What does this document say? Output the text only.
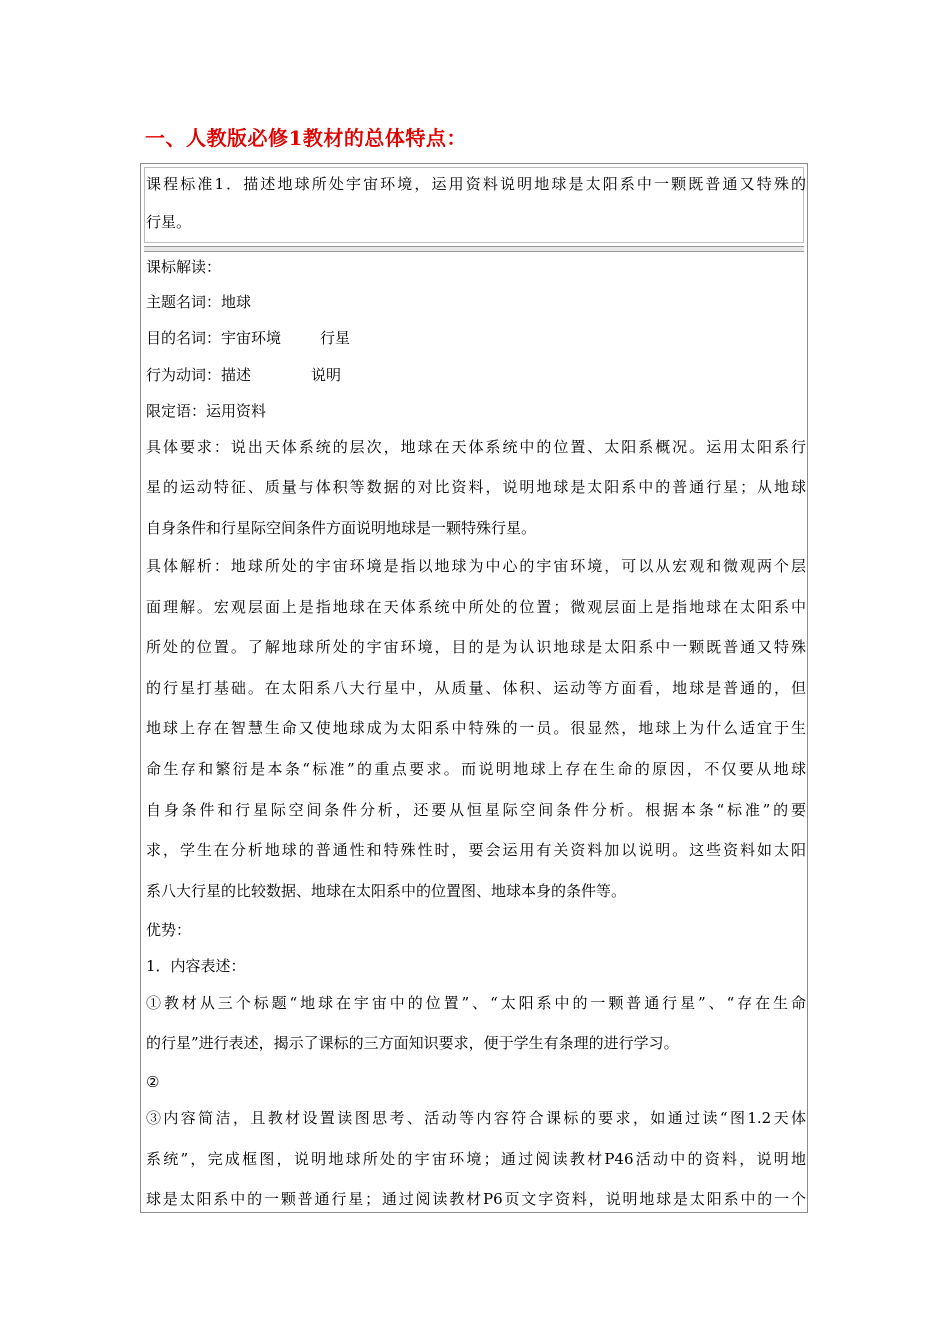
一、人教版必修1教材的总体特点：
课程标准1．描述地球所处宇宙环境，运用资料说明地球是太阳系中一颗既普通又特殊的
行星。
课标解读：
主题名词：地球
目的名词：宇宙环境	行星
行为动词：描述	说明
限定语：运用资料
具体要求：说出天体系统的层次，地球在天体系统中的位置、太阳系概况。运用太阳系行
星的运动特征、质量与体积等数据的对比资料，说明地球是太阳系中的普通行星；从地球
自身条件和行星际空间条件方面说明地球是一颗特殊行星。
具体解析：地球所处的宇宙环境是指以地球为中心的宇宙环境，可以从宏观和微观两个层
面理解。宏观层面上是指地球在天体系统中所处的位置；微观层面上是指地球在太阳系中
所处的位置。了解地球所处的宇宙环境，目的是为认识地球是太阳系中一颗既普通又特殊
的行星打基础。在太阳系八大行星中，从质量、体积、运动等方面看，地球是普通的，但
地球上存在智慧生命又使地球成为太阳系中特殊的一员。很显然，地球上为什么适宜于生
命生存和繁衍是本条“标准”的重点要求。而说明地球上存在生命的原因，不仅要从地球
自身条件和行星际空间条件分析，还要从恒星际空间条件分析。根据本条“标准”的要
求，学生在分析地球的普通性和特殊性时，要会运用有关资料加以说明。这些资料如太阳
系八大行星的比较数据、地球在太阳系中的位置图、地球本身的条件等。
优势：
1．内容表述：
①教材从三个标题“地球在宇宙中的位置”、“太阳系中的一颗普通行星”、“存在生命
的行星”进行表述，揭示了课标的三方面知识要求，便于学生有条理的进行学习。
②
③内容简洁，且教材设置读图思考、活动等内容符合课标的要求，如通过读“图1.2天体
系统”，完成框图，说明地球所处的宇宙环境；通过阅读教材P46活动中的资料，说明地
球是太阳系中的一颗普通行星；通过阅读教材P6页文字资料，说明地球是太阳系中的一个
